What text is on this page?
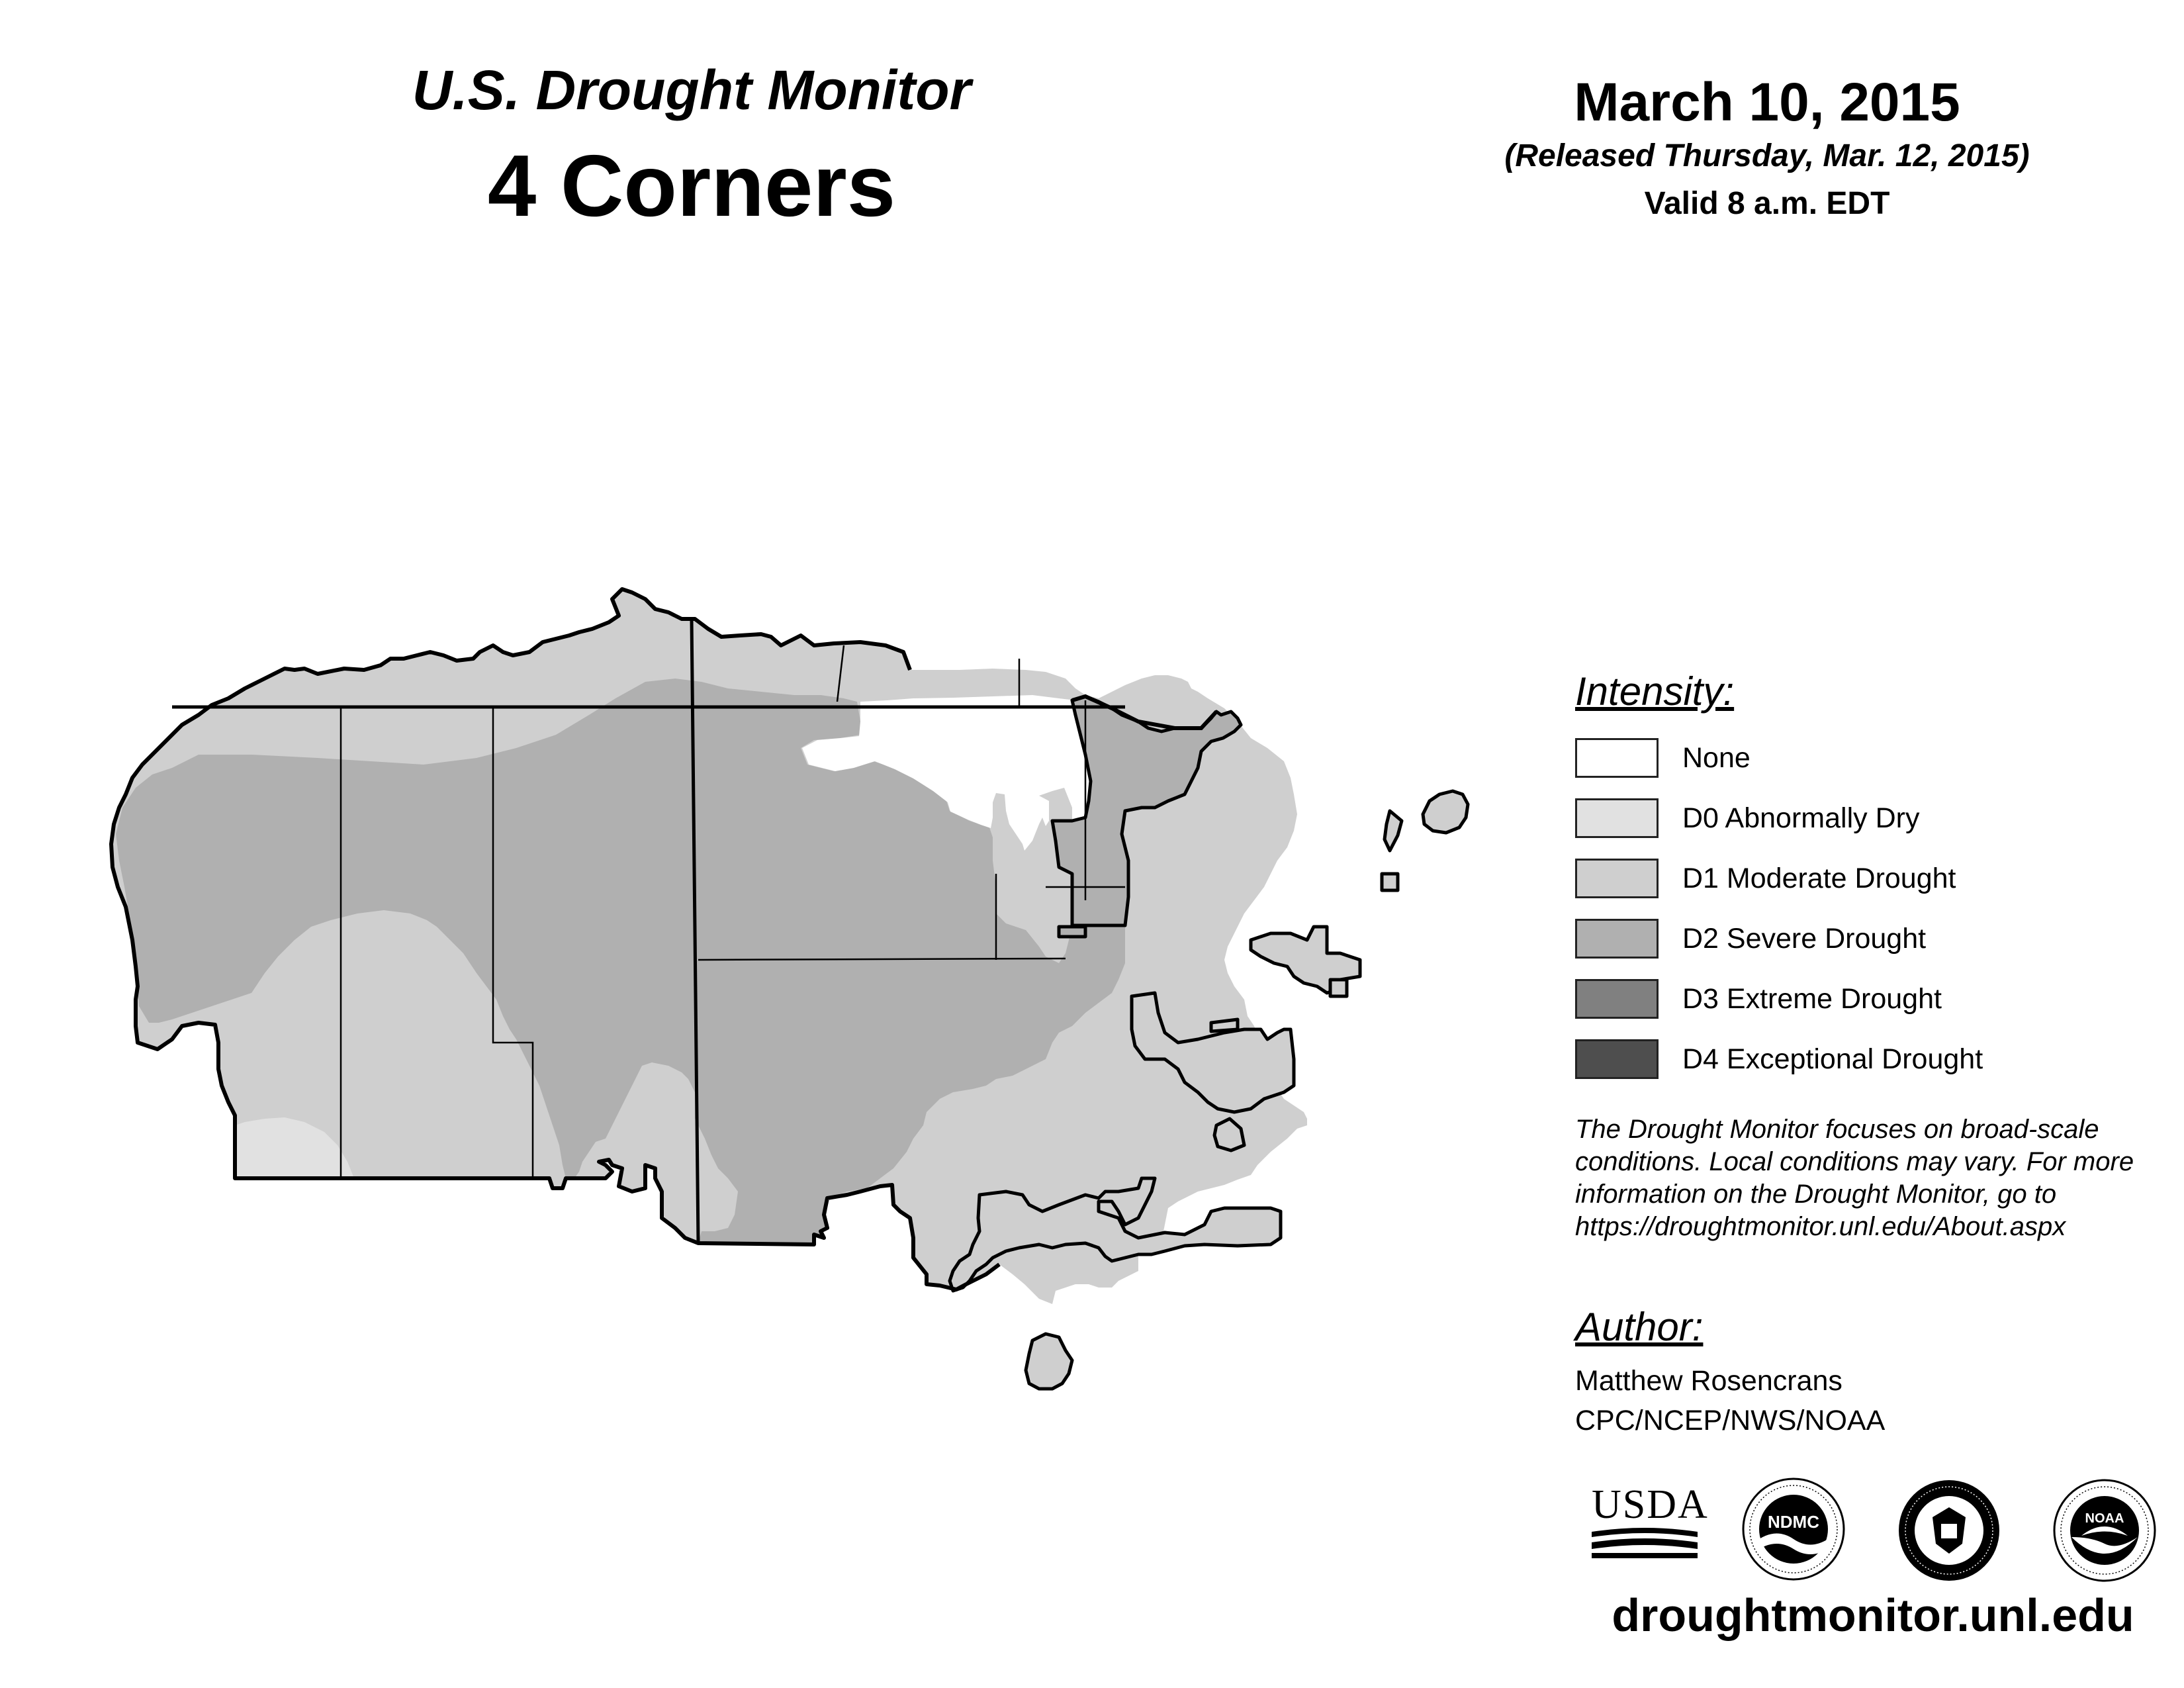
U.S. Drought Monitor
4 Corners
March 10, 2015
(Released Thursday, Mar. 12, 2015)
Valid 8 a.m. EDT
Intensity:
None
D0 Abnormally Dry
D1 Moderate Drought
D2 Severe Drought
D3 Extreme Drought
D4 Exceptional Drought
The Drought Monitor focuses on broad-scale conditions. Local conditions may vary. For more information on the Drought Monitor, go to https://droughtmonitor.unl.edu/About.aspx
Author:
Matthew Rosencrans
CPC/NCEP/NWS/NOAA
USDA	NDMC	NOAA
droughtmonitor.unl.edu
